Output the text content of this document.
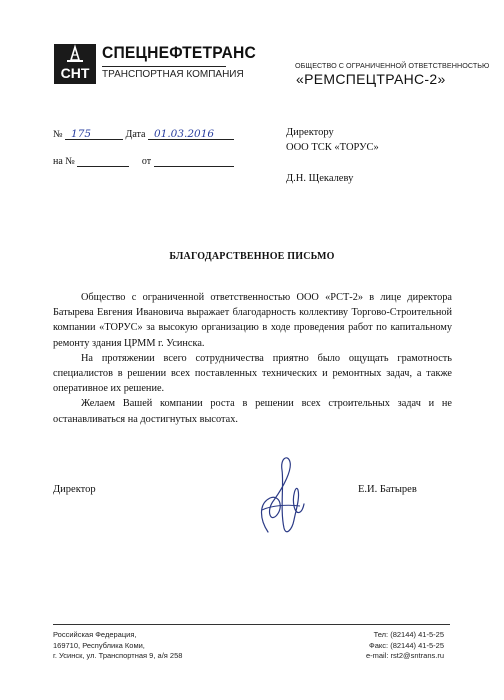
СНТ
СПЕЦНЕФТЕТРАНС
ТРАНСПОРТНАЯ КОМПАНИЯ
ОБЩЕСТВО С ОГРАНИЧЕННОЙ ОТВЕТСТВЕННОСТЬЮ
«РЕМСПЕЦТРАНС-2»
№ 175	Дата 01.03.2016
на №	от
Директору
ООО ТСК «ТОРУС»
Д.Н. Щекалеву
БЛАГОДАРСТВЕННОЕ ПИСЬМО

Общество с ограниченной ответственностью ООО «РСТ-2» в лице директора Батырева Евгения Ивановича выражает благодарность коллективу Торгово-Строительной компании «ТОРУС» за высокую организацию в ходе проведения работ по капитальному ремонту здания ЦРММ г. Усинска.

На протяжении всего сотрудничества приятно было ощущать грамотность специалистов в решении всех поставленных технических и ремонтных задач, а также оперативное их решение.

Желаем Вашей компании роста в решении всех строительных задач и не останавливаться на достигнутых высотах.

Директор	Е.И. Батырев
Российская Федерация,
169710, Республика Коми,
г. Усинск, ул. Транспортная 9, а/я 258
Тел: (82144) 41-5-25
Факс: (82144) 41-5-25
e-mail: rst2@sntrans.ru
